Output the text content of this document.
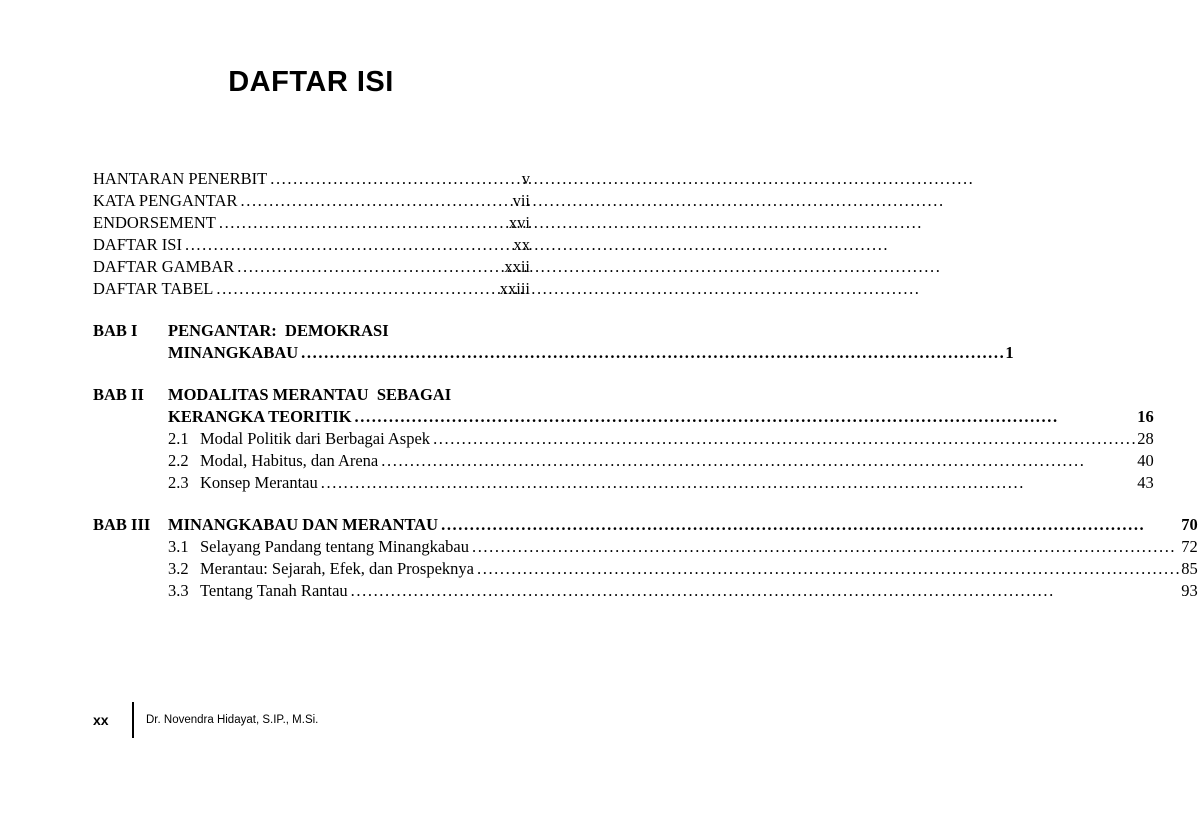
DAFTAR ISI
HANTARAN PENERBIT .....	v
KATA PENGANTAR .....	vii
ENDORSEMENT .....	xvi
DAFTAR ISI .....	xx
DAFTAR GAMBAR .....	xxii
DAFTAR TABEL .....	xxiii
BAB I	PENGANTAR:  DEMOKRASI
MINANGKABAU .....	1
BAB II	MODALITAS MERANTAU  SEBAGAI
KERANGKA TEORITIK .....	16
2.1 Modal Politik dari Berbagai Aspek .....	28
2.2 Modal, Habitus, dan Arena .....	40
2.3 Konsep Merantau .....	43
BAB III	MINANGKABAU DAN MERANTAU .....	70
3.1 Selayang Pandang tentang Minangkabau .....	72
3.2 Merantau: Sejarah, Efek, dan Prospeknya .....	85
3.3 Tentang Tanah Rantau .....	93
xx	Dr. Novendra Hidayat, S.IP., M.Si.
